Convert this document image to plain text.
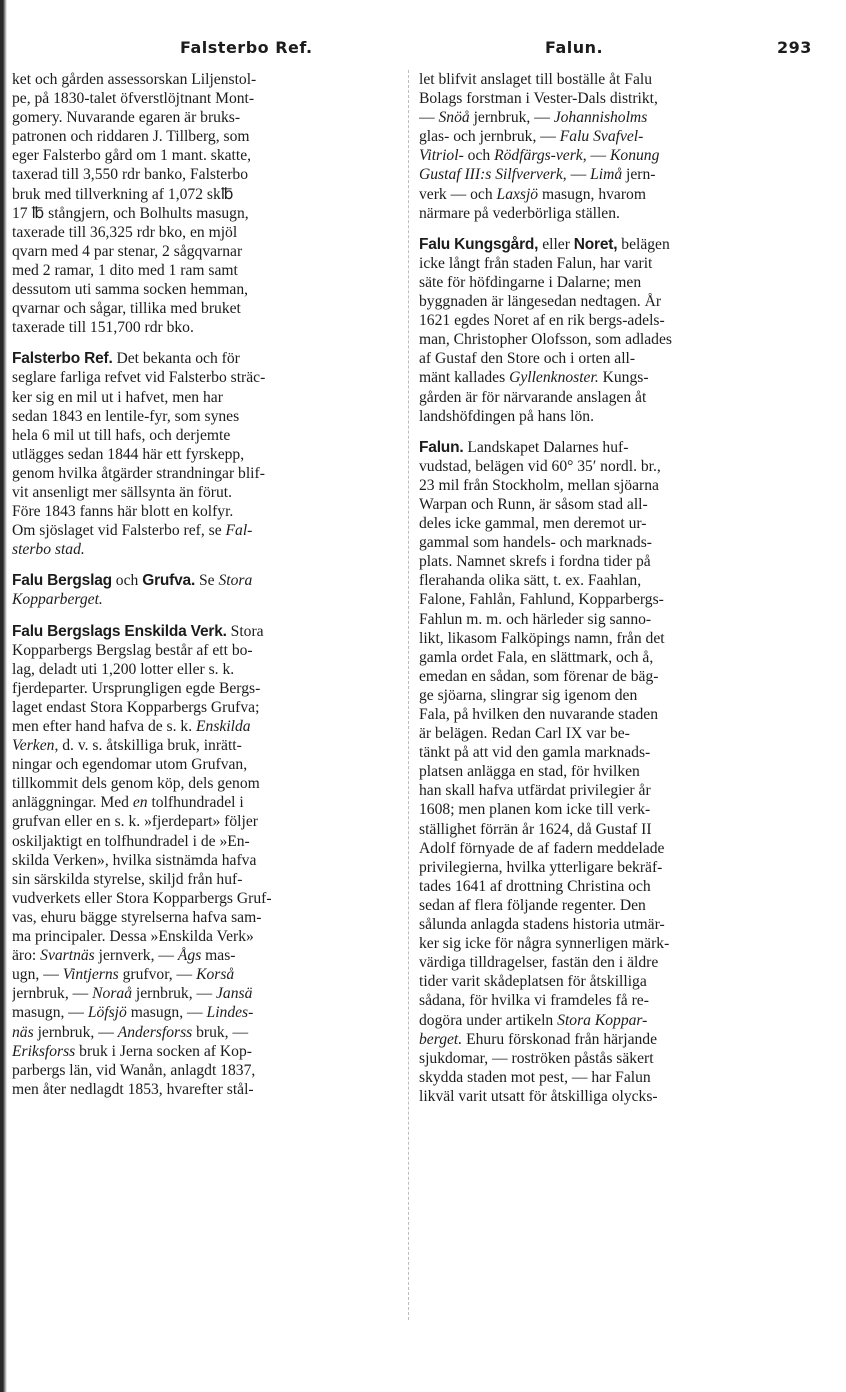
Falsterbo Ref.	Falun.	293

ket och gården assessorskan Liljenstol-
pe, på 1830-talet öfverstlöjtnant Mont-
gomery. Nuvarande egaren är bruks-
patronen och riddaren J. Tillberg, som
eger Falsterbo gård om 1 mant. skatte,
taxerad till 3,550 rdr banko, Falsterbo
bruk med tillverkning af 1,072 sk℔
17 ℔ stångjern, och Bolhults masugn,
taxerade till 36,325 rdr bko, en mjöl
qvarn med 4 par stenar, 2 sågqvarnar
med 2 ramar, 1 dito med 1 ram samt
dessutom uti samma socken hemman,
qvarnar och sågar, tillika med bruket
taxerade till 151,700 rdr bko.

Falsterbo Ref. Det bekanta och för
seglare farliga refvet vid Falsterbo sträc-
ker sig en mil ut i hafvet, men har
sedan 1843 en lentile-fyr, som synes
hela 6 mil ut till hafs, och derjemte
utlägges sedan 1844 här ett fyrskepp,
genom hvilka åtgärder strandningar blif-
vit ansenligt mer sällsynta än förut.
Före 1843 fanns här blott en kolfyr.
Om sjöslaget vid Falsterbo ref, se Fal-
sterbo stad.

Falu Bergslag och Grufva. Se Stora
Kopparberget.

Falu Bergslags Enskilda Verk. Stora
Kopparbergs Bergslag består af ett bo-
lag, deladt uti 1,200 lotter eller s. k.
fjerdeparter. Ursprungligen egde Bergs-
laget endast Stora Kopparbergs Grufva;
men efter hand hafva de s. k. Enskilda
Verken, d. v. s. åtskilliga bruk, inrätt-
ningar och egendomar utom Grufvan,
tillkommit dels genom köp, dels genom
anläggningar. Med en tolfhundradel i
grufvan eller en s. k. »fjerdepart» följer
oskiljaktigt en tolfhundradel i de »En-
skilda Verken», hvilka sistnämda hafva
sin särskilda styrelse, skiljd från huf-
vudverkets eller Stora Kopparbergs Gruf-
vas, ehuru bägge styrelserna hafva sam-
ma principaler. Dessa »Enskilda Verk»
äro: Svartnäs jernverk, — Ågs mas-
ugn, — Vintjerns grufvor, — Korså
jernbruk, — Noraå jernbruk, — Jansä
masugn, — Löfsjö masugn, — Lindes-
näs jernbruk, — Andersforss bruk, —
Eriksforss bruk i Jerna socken af Kop-
parbergs län, vid Wanån, anlagdt 1837,
men åter nedlagdt 1853, hvarefter stål-

let blifvit anslaget till boställe åt Falu
Bolags forstman i Vester-Dals distrikt,
— Snöå jernbruk, — Johannisholms
glas- och jernbruk, — Falu Svafvel-
Vitriol- och Rödfärgs-verk, — Konung
Gustaf III:s Silfververk, — Limå jern-
verk — och Laxsjö masugn, hvarom
närmare på vederbörliga ställen.

Falu Kungsgård, eller Noret, belägen
icke långt från staden Falun, har varit
säte för höfdingarne i Dalarne; men
byggnaden är längesedan nedtagen. År
1621 egdes Noret af en rik bergs-adels-
man, Christopher Olofsson, som adlades
af Gustaf den Store och i orten all-
mänt kallades Gyllenknoster. Kungs-
gården är för närvarande anslagen åt
landshöfdingen på hans lön.

Falun. Landskapet Dalarnes huf-
vudstad, belägen vid 60° 35′ nordl. br.,
23 mil från Stockholm, mellan sjöarna
Warpan och Runn, är såsom stad all-
deles icke gammal, men deremot ur-
gammal som handels- och marknads-
plats. Namnet skrefs i fordna tider på
flerahanda olika sätt, t. ex. Faahlan,
Falone, Fahlån, Fahlund, Kopparbergs-
Fahlun m. m. och härleder sig sanno-
likt, likasom Falköpings namn, från det
gamla ordet Fala, en slättmark, och å,
emedan en sådan, som förenar de bäg-
ge sjöarna, slingrar sig igenom den
Fala, på hvilken den nuvarande staden
är belägen. Redan Carl IX var be-
tänkt på att vid den gamla marknads-
platsen anlägga en stad, för hvilken
han skall hafva utfärdat privilegier år
1608; men planen kom icke till verk-
ställighet förrän år 1624, då Gustaf II
Adolf förnyade de af fadern meddelade
privilegierna, hvilka ytterligare bekräf-
tades 1641 af drottning Christina och
sedan af flera följande regenter. Den
sålunda anlagda stadens historia utmär-
ker sig icke för några synnerligen märk-
värdiga tilldragelser, fastän den i äldre
tider varit skådeplatsen för åtskilliga
sådana, för hvilka vi framdeles få re-
dogöra under artikeln Stora Koppar-
berget. Ehuru förskonad från härjande
sjukdomar, — roströken påstås säkert
skydda staden mot pest, — har Falun
likväl varit utsatt för åtskilliga olycks-
